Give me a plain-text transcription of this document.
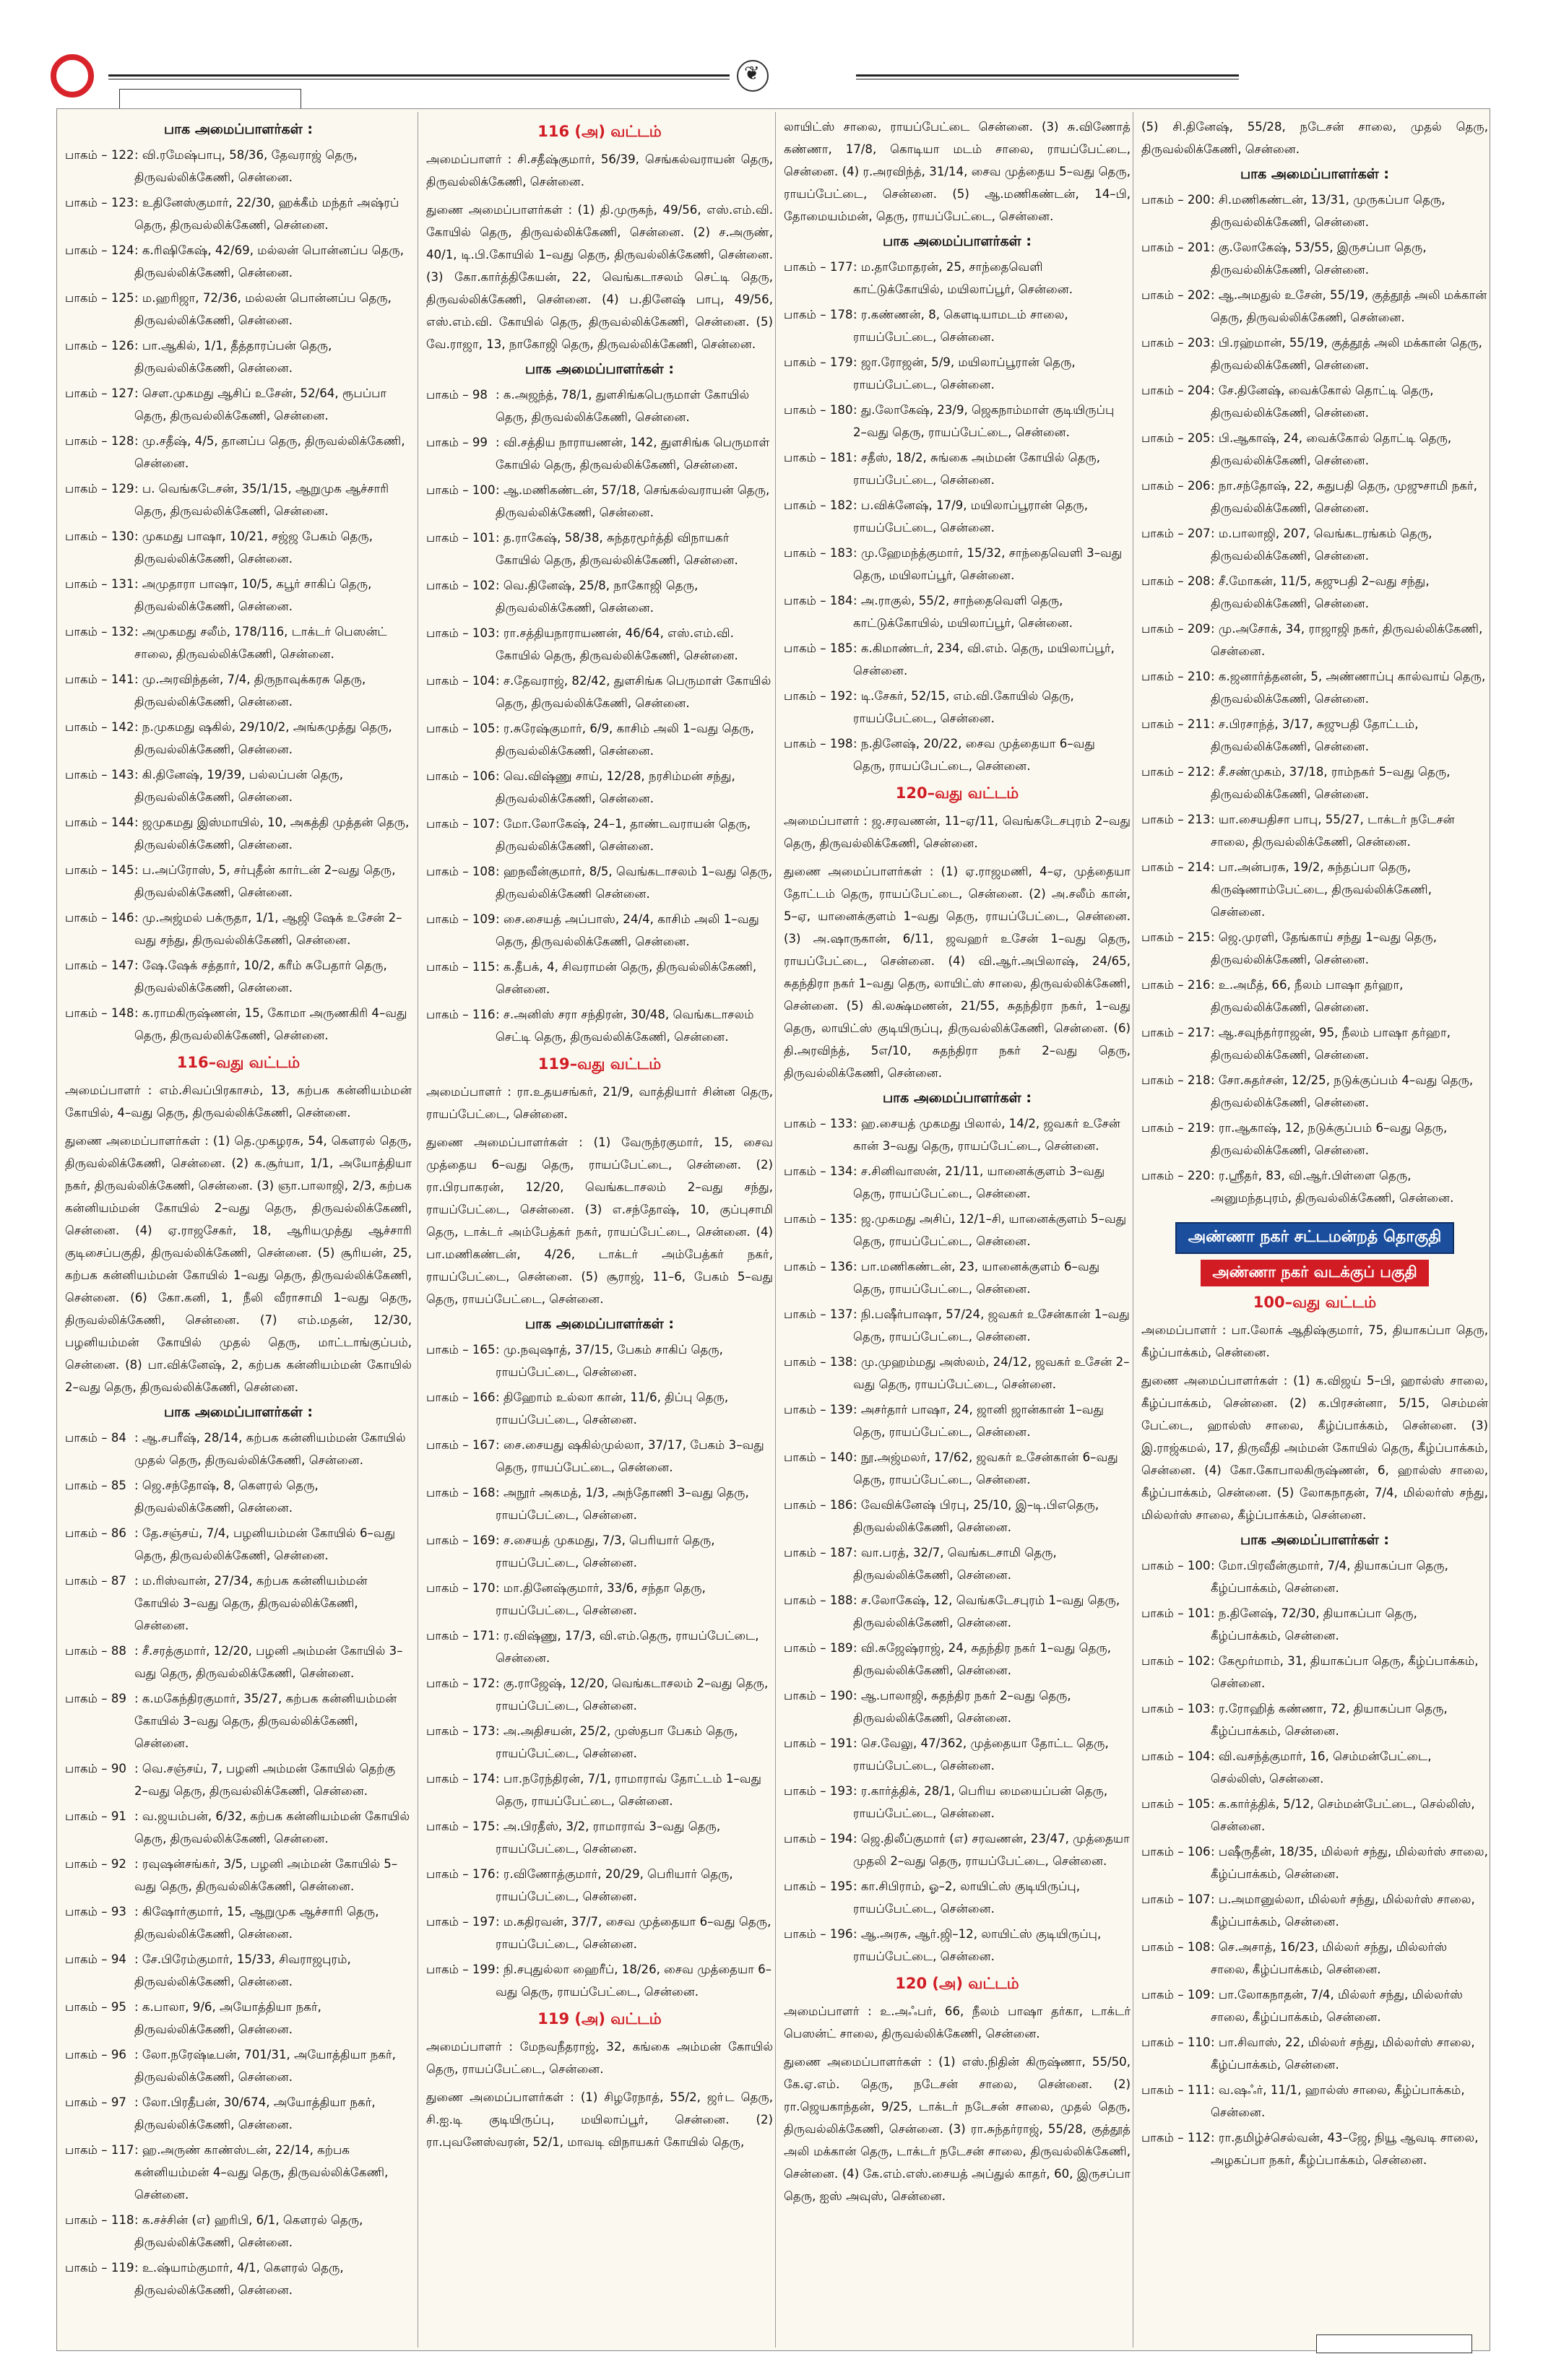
❦
பாக அமைப்பாளர்கள் :
பாகம் – 122 : வி.ரமேஷ்பாபு, 58/36, தேவராஜ் தெரு, திருவல்லிக்கேணி, சென்னை.
பாகம் – 123 : உதினேஸ்குமார், 22/30, ஹக்கீம் மந்தர் அஷ்ரப் தெரு, திருவல்லிக்கேணி, சென்னை.
பாகம் – 124 : க.ரிஷிகேஷ், 42/69, மல்லன் பொன்னப்ப தெரு, திருவல்லிக்கேணி, சென்னை.
பாகம் – 125 : ம.ஹரிஜா, 72/36, மல்லன் பொன்னப்ப தெரு, திருவல்லிக்கேணி, சென்னை.
பாகம் – 126 : பா.ஆகில், 1/1, தீத்தாரப்பன் தெரு, திருவல்லிக்கேணி, சென்னை.
பாகம் – 127 : செள.முகமது ஆசிப் உசேன், 52/64, ரூபப்பா தெரு, திருவல்லிக்கேணி, சென்னை.
பாகம் – 128 : மு.சதீஷ், 4/5, தானப்ப தெரு, திருவல்லிக்கேணி, சென்னை.
பாகம் – 129 : ப. வெங்கடேசன், 35/1/15, ஆறுமுக ஆச்சாரி தெரு, திருவல்லிக்கேணி, சென்னை.
பாகம் – 130 : முகமது பாஷா, 10/21, சஜ்ஜ பேகம் தெரு, திருவல்லிக்கேணி, சென்னை.
பாகம் – 131 : அமுதாரா பாஷா, 10/5, கபூர் சாகிப் தெரு, திருவல்லிக்கேணி, சென்னை.
பாகம் – 132 : அமுகமது சலீம், 178/116, டாக்டர் பெஸன்ட் சாலை, திருவல்லிக்கேணி, சென்னை.
பாகம் – 141 : மு.அரவிந்தன், 7/4, திருநாவுக்கரசு தெரு, திருவல்லிக்கேணி, சென்னை.
பாகம் – 142 : ந.முகமது ஷகில், 29/10/2, அங்கமுத்து தெரு, திருவல்லிக்கேணி, சென்னை.
பாகம் – 143 : கி.தினேஷ், 19/39, பல்லப்பன் தெரு, திருவல்லிக்கேணி, சென்னை.
பாகம் – 144 : ஜமுகமது இஸ்மாயில், 10, அகத்தி முத்தன் தெரு, திருவல்லிக்கேணி, சென்னை.
பாகம் – 145 : ப.அப்ரோஸ், 5, சர்புதீன் கார்டன் 2–வது தெரு, திருவல்லிக்கேணி, சென்னை.
பாகம் – 146 : மு.அஜ்மல் பக்ருதா, 1/1, ஆஜி ஷேக் உசேன் 2–வது சந்து, திருவல்லிக்கேணி, சென்னை.
பாகம் – 147 : ஷே.ஷேக் சத்தார், 10/2, கரீம் சுபேதார் தெரு, திருவல்லிக்கேணி, சென்னை.
பாகம் – 148 : க.ராமகிருஷ்ணன், 15, கோமா அருணகிரி 4–வது தெரு, திருவல்லிக்கேணி, சென்னை.
116–வது வட்டம்
அமைப்பாளர் : எம்.சிவப்பிரகாசம், 13, கற்பக கன்னியம்மன் கோயில், 4–வது தெரு, திருவல்லிக்கேணி, சென்னை.
துணை அமைப்பாளர்கள் : (1) தெ.முகழரசு, 54, கௌரல் தெரு, திருவல்லிக்கேணி, சென்னை. (2) க.சூர்யா, 1/1, அயோத்தியா நகர், திருவல்லிக்கேணி, சென்னை. (3) ஞா.பாலாஜி, 2/3, கற்பக கன்னியம்மன் கோயில் 2–வது தெரு, திருவல்லிக்கேணி, சென்னை. (4) ஏ.ராஜசேகர், 18, ஆரியமுத்து ஆச்சாரி குடிசைப்பகுதி, திருவல்லிக்கேணி, சென்னை. (5) சூரியன், 25, கற்பக கன்னியம்மன் கோயில் 1–வது தெரு, திருவல்லிக்கேணி, சென்னை. (6) கோ.கனி, 1, நீலி வீராசாமி 1–வது தெரு, திருவல்லிக்கேணி, சென்னை. (7) எம்.மதன், 12/30, பழனியம்மன் கோயில் முதல் தெரு, மாட்டாங்குப்பம், சென்னை. (8) பா.விக்னேஷ், 2, கற்பக கன்னியம்மன் கோயில் 2–வது தெரு, திருவல்லிக்கேணி, சென்னை.
பாக அமைப்பாளர்கள் :
பாகம் – 84 : ஆ.சபரீஷ், 28/14, கற்பக கன்னியம்மன் கோயில் முதல் தெரு, திருவல்லிக்கேணி, சென்னை.
பாகம் – 85 : ஜெ.சந்தோஷ், 8, கௌரல் தெரு, திருவல்லிக்கேணி, சென்னை.
பாகம் – 86 : தே.சஞ்சய், 7/4, பழனியம்மன் கோயில் 6–வது தெரு, திருவல்லிக்கேணி, சென்னை.
பாகம் – 87 : ம.ரிஸ்வான், 27/34, கற்பக கன்னியம்மன் கோயில் 3–வது தெரு, திருவல்லிக்கேணி, சென்னை.
பாகம் – 88 : சீ.சரத்குமார், 12/20, பழனி அம்மன் கோயில் 3–வது தெரு, திருவல்லிக்கேணி, சென்னை.
பாகம் – 89 : க.மகேந்திரகுமார், 35/27, கற்பக கன்னியம்மன் கோயில் 3–வது தெரு, திருவல்லிக்கேணி, சென்னை.
பாகம் – 90 : வெ.சஞ்சய், 7, பழனி அம்மன் கோயில் தெற்கு 2–வது தெரு, திருவல்லிக்கேணி, சென்னை.
பாகம் – 91 : வ.ஜயம்பன், 6/32, கற்பக கன்னியம்மன் கோயில் தெரு, திருவல்லிக்கேணி, சென்னை.
பாகம் – 92 : ரவுஷன்சங்கர், 3/5, பழனி அம்மன் கோயில் 5–வது தெரு, திருவல்லிக்கேணி, சென்னை.
பாகம் – 93 : கிஷோர்குமார், 15, ஆறுமுக ஆச்சாரி தெரு, திருவல்லிக்கேணி, சென்னை.
பாகம் – 94 : சே.பிரேம்குமார், 15/33, சிவராஜபுரம், திருவல்லிக்கேணி, சென்னை.
பாகம் – 95 : க.பாலா, 9/6, அயோத்தியா நகர், திருவல்லிக்கேணி, சென்னை.
பாகம் – 96 : லோ.நரேஷ்டீபன், 701/31, அயோத்தியா நகர், திருவல்லிக்கேணி, சென்னை.
பாகம் – 97 : லோ.பிரதீபன், 30/674, அயோத்தியா நகர், திருவல்லிக்கேணி, சென்னை.
பாகம் – 117 : ஹ.அருண் காண்ஸ்டன், 22/14, கற்பக கன்னியம்மன் 4–வது தெரு, திருவல்லிக்கேணி, சென்னை.
பாகம் – 118 : க.சச்சின் (எ) ஹரிபி, 6/1, கௌரல் தெரு, திருவல்லிக்கேணி, சென்னை.
பாகம் – 119 : உ.ஷ்யாம்குமார், 4/1, கௌரல் தெரு, திருவல்லிக்கேணி, சென்னை.
116 (அ) வட்டம்
அமைப்பாளர் : சி.சதீஷ்குமார், 56/39, செங்கல்வராயன் தெரு, திருவல்லிக்கேணி, சென்னை.
துணை அமைப்பாளர்கள் : (1) தி.முருகந், 49/56, எஸ்.எம்.வி. கோயில் தெரு, திருவல்லிக்கேணி, சென்னை. (2) ச.அருண், 40/1, டி.பி.கோயில் 1–வது தெரு, திருவல்லிக்கேணி, சென்னை. (3) கோ.கார்த்திகேயன், 22, வெங்கடாசலம் செட்டி தெரு, திருவல்லிக்கேணி, சென்னை. (4) ப.தினேஷ் பாபு, 49/56, எஸ்.எம்.வி. கோயில் தெரு, திருவல்லிக்கேணி, சென்னை. (5) வே.ராஜா, 13, நாகோஜி தெரு, திருவல்லிக்கேணி, சென்னை.
பாக அமைப்பாளர்கள் :
பாகம் – 98 : க.அஜந்த், 78/1, துளசிங்கபெருமாள் கோயில் தெரு, திருவல்லிக்கேணி, சென்னை.
பாகம் – 99 : வி.சத்திய நாராயணன், 142, துளசிங்க பெருமாள் கோயில் தெரு, திருவல்லிக்கேணி, சென்னை.
பாகம் – 100 : ஆ.மணிகண்டன், 57/18, செங்கல்வராயன் தெரு, திருவல்லிக்கேணி, சென்னை.
பாகம் – 101 : த.ராகேஷ், 58/38, சுந்தரமூர்த்தி விநாயகர் கோயில் தெரு, திருவல்லிக்கேணி, சென்னை.
பாகம் – 102 : வெ.தினேஷ், 25/8, நாகோஜி தெரு, திருவல்லிக்கேணி, சென்னை.
பாகம் – 103 : ரா.சத்தியநாராயணன், 46/64, எஸ்.எம்.வி. கோயில் தெரு, திருவல்லிக்கேணி, சென்னை.
பாகம் – 104 : ச.தேவராஜ், 82/42, துளசிங்க பெருமாள் கோயில் தெரு, திருவல்லிக்கேணி, சென்னை.
பாகம் – 105 : ர.சுரேஷ்குமார், 6/9, காசிம் அலி 1–வது தெரு, திருவல்லிக்கேணி, சென்னை.
பாகம் – 106 : வெ.விஷ்ணு சாய், 12/28, நரசிம்மன் சந்து, திருவல்லிக்கேணி, சென்னை.
பாகம் – 107 : மோ.லோகேஷ், 24–1, தாண்டவராயன் தெரு, திருவல்லிக்கேணி, சென்னை.
பாகம் – 108 : ஹநவீன்குமார், 8/5, வெங்கடாசலம் 1–வது தெரு, திருவல்லிக்கேணி சென்னை.
பாகம் – 109 : சை.சையத் அப்பாஸ், 24/4, காசிம் அலி 1–வது தெரு, திருவல்லிக்கேணி, சென்னை.
பாகம் – 115 : க.தீபக், 4, சிவராமன் தெரு, திருவல்லிக்கேணி, சென்னை.
பாகம் – 116 : ச.அனிஸ் சரா சந்திரன், 30/48, வெங்கடாசலம் செட்டி தெரு, திருவல்லிக்கேணி, சென்னை.
119–வது வட்டம்
அமைப்பாளர் : ரா.உதயசங்கர், 21/9, வாத்தியார் சின்ன தெரு, ராயப்பேட்டை, சென்னை.
துணை அமைப்பாளர்கள் : (1) வேருந்ரகுமார், 15, சைவ முத்தைய 6–வது தெரு, ராயப்பேட்டை, சென்னை. (2) ரா.பிரபாகரன், 12/20, வெங்கடாசலம் 2–வது சந்து, ராயப்பேட்டை, சென்னை. (3) எ.சந்தோஷ், 10, குப்புசாமி தெரு, டாக்டர் அம்பேத்கர் நகர், ராயப்பேட்டை, சென்னை. (4) பா.மணிகண்டன், 4/26, டாக்டர் அம்பேத்கர் நகர், ராயப்பேட்டை, சென்னை. (5) சூராஜ், 11–6, பேகம் 5–வது தெரு, ராயப்பேட்டை, சென்னை.
பாக அமைப்பாளர்கள் :
பாகம் – 165 : மு.நவுஷாத், 37/15, பேகம் சாகிப் தெரு, ராயப்பேட்டை, சென்னை.
பாகம் – 166 : திஹோம் உல்லா கான், 11/6, திப்பு தெரு, ராயப்பேட்டை, சென்னை.
பாகம் – 167 : சை.சையது ஷகில்முல்லா, 37/17, பேகம் 3–வது தெரு, ராயப்பேட்டை, சென்னை.
பாகம் – 168 : அநூர் அகமத், 1/3, அந்தோணி 3–வது தெரு, ராயப்பேட்டை, சென்னை.
பாகம் – 169 : ச.சையத் முகமது, 7/3, பெரியார் தெரு, ராயப்பேட்டை, சென்னை.
பாகம் – 170 : மா.தினேஷ்குமார், 33/6, சந்தா தெரு, ராயப்பேட்டை, சென்னை.
பாகம் – 171 : ர.விஷ்ணு, 17/3, வி.எம்.தெரு, ராயப்பேட்டை, சென்னை.
பாகம் – 172 : கு.ராஜேஷ், 12/20, வெங்கடாசலம் 2–வது தெரு, ராயப்பேட்டை, சென்னை.
பாகம் – 173 : அ.அதிசயன், 25/2, முஸ்தபா பேகம் தெரு, ராயப்பேட்டை, சென்னை.
பாகம் – 174 : பா.நரேந்திரன், 7/1, ராமாராவ் தோட்டம் 1–வது தெரு, ராயப்பேட்டை, சென்னை.
பாகம் – 175 : அ.பிரதீஸ், 3/2, ராமாராவ் 3–வது தெரு, ராயப்பேட்டை, சென்னை.
பாகம் – 176 : ர.விணோத்குமார், 20/29, பெரியார் தெரு, ராயப்பேட்டை, சென்னை.
பாகம் – 197 : ம.கதிரவன், 37/7, சைவ முத்தையா 6–வது தெரு, ராயப்பேட்டை, சென்னை.
பாகம் – 199 : நி.சபுதுல்லா ஹைரீப், 18/26, சைவ முத்தையா 6–வது தெரு, ராயப்பேட்டை, சென்னை.
119 (அ) வட்டம்
அமைப்பாளர் : மேநவநீதராஜ், 32, கங்கை அம்மன் கோயில் தெரு, ராயப்பேட்டை, சென்னை.
துணை அமைப்பாளர்கள் : (1) சிழரேநாத், 55/2, ஜா்ட தெரு, சி.ஐ.டி குடியிருப்பு, மயிலாப்பூர், சென்னை. (2) ரா.புவனேஸ்வரன், 52/1, மாவடி விநாயகர் கோயில் தெரு,
லாயிட்ஸ் சாலை, ராயப்பேட்டை சென்னை. (3) சு.விணோத் கண்ணா, 17/8, கொடியா மடம் சாலை, ராயப்பேட்டை, சென்னை. (4) ர.அரவிந்த், 31/14, சைவ முத்தைய 5–வது தெரு, ராயப்பேட்டை, சென்னை. (5) ஆ.மணிகண்டன், 14–பி, தோமையம்மன், தெரு, ராயப்பேட்டை, சென்னை.
பாக அமைப்பாளர்கள் :
பாகம் – 177 : ம.தாமோதரன், 25, சாந்தைவெளி காட்டுக்கோயில், மயிலாப்பூர், சென்னை.
பாகம் – 178 : ர.கண்ணன், 8, கௌடியாமடம் சாலை, ராயப்பேட்டை, சென்னை.
பாகம் – 179 : ஜா.ரோஜன், 5/9, மயிலாப்பூரான் தெரு, ராயப்பேட்டை, சென்னை.
பாகம் – 180 : து.லோகேஷ், 23/9, ஜெகநாம்மாள் குடியிருப்பு 2–வது தெரு, ராயப்பேட்டை, சென்னை.
பாகம் – 181 : சதீஸ், 18/2, சுங்கை அம்மன் கோயில் தெரு, ராயப்பேட்டை, சென்னை.
பாகம் – 182 : ப.விக்னேஷ், 17/9, மயிலாப்பூரான் தெரு, ராயப்பேட்டை, சென்னை.
பாகம் – 183 : மு.ஹேமந்த்குமார், 15/32, சாந்தைவெளி 3–வது தெரு, மயிலாப்பூர், சென்னை.
பாகம் – 184 : அ.ராகுல், 55/2, சாந்தைவெளி தெரு, காட்டுக்கோயில், மயிலாப்பூர், சென்னை.
பாகம் – 185 : க.கிமாண்டர், 234, வி.எம். தெரு, மயிலாப்பூர், சென்னை.
பாகம் – 192 : டி.சேகர், 52/15, எம்.வி.கோயில் தெரு, ராயப்பேட்டை, சென்னை.
பாகம் – 198 : ந.தினேஷ், 20/22, சைவ முத்தையா 6–வது தெரு, ராயப்பேட்டை, சென்னை.
120–வது வட்டம்
அமைப்பாளர் : ஜ.சரவணன், 11–ஏ/11, வெங்கடேசபுரம் 2–வது தெரு, திருவல்லிக்கேணி, சென்னை.
துணை அமைப்பாளர்கள் : (1) ஏ.ராஜமணி, 4–ஏ, முத்தையா தோட்டம் தெரு, ராயப்பேட்டை, சென்னை. (2) அ.சலீம் கான், 5–ஏ, யானைக்குளம் 1–வது தெரு, ராயப்பேட்டை, சென்னை. (3) அ.ஷாருகான், 6/11, ஜவஹர் உசேன் 1–வது தெரு, ராயப்பேட்டை, சென்னை. (4) வி.ஆர்.அபிலாஷ், 24/65, சுதந்திரா நகர் 1–வது தெரு, லாயிட்ஸ் சாலை, திருவல்லிக்கேணி, சென்னை. (5) கி.லக்ஷ்மணன், 21/55, சுதந்திரா நகர், 1–வது தெரு, லாயிட்ஸ் குடியிருப்பு, திருவல்லிக்கேணி, சென்னை. (6) தி.அரவிந்த், 5எ/10, சுதந்திரா நகர் 2–வது தெரு, திருவல்லிக்கேணி, சென்னை.
பாக அமைப்பாளர்கள் :
பாகம் – 133 : ஹ.சையத் முகமது பிலால், 14/2, ஜவகர் உசேன் கான் 3–வது தெரு, ராயப்பேட்டை, சென்னை.
பாகம் – 134 : ச.சினிவாஸன், 21/11, யானைக்குளம் 3–வது தெரு, ராயப்பேட்டை, சென்னை.
பாகம் – 135 : ஜ.முகமது அசிப், 12/1–சி, யானைக்குளம் 5–வது தெரு, ராயப்பேட்டை, சென்னை.
பாகம் – 136 : பா.மணிகண்டன், 23, யானைக்குளம் 6–வது தெரு, ராயப்பேட்டை, சென்னை.
பாகம் – 137 : நி.பஷீர்பாஷா, 57/24, ஜவகர் உசேன்கான் 1–வது தெரு, ராயப்பேட்டை, சென்னை.
பாகம் – 138 : மு.முஹம்மது அஸ்லம், 24/12, ஜவகர் உசேன் 2–வது தெரு, ராயப்பேட்டை, சென்னை.
பாகம் – 139 : அசர்தார் பாஷா, 24, ஜானி ஜான்கான் 1–வது தெரு, ராயப்பேட்டை, சென்னை.
பாகம் – 140 : நூ.அஜ்மலர், 17/62, ஜவகர் உசேன்கான் 6–வது தெரு, ராயப்பேட்டை, சென்னை.
பாகம் – 186 : வேவிக்னேஷ் பிரபு, 25/10, இ–டி.பிஎதெரு, திருவல்லிக்கேணி, சென்னை.
பாகம் – 187 : வா.பரத், 32/7, வெங்கடசாமி தெரு, திருவல்லிக்கேணி, சென்னை.
பாகம் – 188 : ச.லோகேஷ், 12, வெங்கடேசபுரம் 1–வது தெரு, திருவல்லிக்கேணி, சென்னை.
பாகம் – 189 : வி.சுஜேஷ்ராஜ், 24, சுதந்திர நகர் 1–வது தெரு, திருவல்லிக்கேணி, சென்னை.
பாகம் – 190 : ஆ.பாலாஜி, சுதந்திர நகர் 2–வது தெரு, திருவல்லிக்கேணி, சென்னை.
பாகம் – 191 : செ.வேலு, 47/362, முத்தையா தோட்ட தெரு, ராயப்பேட்டை, சென்னை.
பாகம் – 193 : ர.கார்த்திக், 28/1, பெரிய மையைப்பன் தெரு, ராயப்பேட்டை, சென்னை.
பாகம் – 194 : ஜெ.திலீப்குமார் (எ) சரவணன், 23/47, முத்தையா முதலி 2–வது தெரு, ராயப்பேட்டை, சென்னை.
பாகம் – 195 : கா.சிபிராம், ஓ–2, லாயிட்ஸ் குடியிருப்பு, ராயப்பேட்டை, சென்னை.
பாகம் – 196 : ஆ.அரசு, ஆர்.ஜி–12, லாயிட்ஸ் குடியிருப்பு, ராயப்பேட்டை, சென்னை.
120 (அ) வட்டம்
அமைப்பாளர் : உ.அஃபர், 66, நீலம் பாஷா தர்கா, டாக்டர் பெஸன்ட் சாலை, திருவல்லிக்கேணி, சென்னை.
துணை அமைப்பாளர்கள் : (1) எஸ்.நிதின் கிருஷ்ணா, 55/50, கே.ஏ.எம். தெரு, நடேசன் சாலை, சென்னை. (2) ரா.ஜெயகாந்தன், 9/25, டாக்டர் நடேசன் சாலை, முதல் தெரு, திருவல்லிக்கேணி, சென்னை. (3) ரா.சுந்தர்ராஜ், 55/28, குத்தூத் அலி மக்கான் தெரு, டாக்டர் நடேசன் சாலை, திருவல்லிக்கேணி, சென்னை. (4) கே.எம்.எஸ்.சையத் அப்துல் காதர், 60, இருசப்பா தெரு, ஐஸ் அவுஸ், சென்னை.
(5) சி.தினேஷ், 55/28, நடேசன் சாலை, முதல் தெரு, திருவல்லிக்கேணி, சென்னை.
பாக அமைப்பாளர்கள் :
பாகம் – 200 : சி.மணிகண்டன், 13/31, முருகப்பா தெரு, திருவல்லிக்கேணி, சென்னை.
பாகம் – 201 : கு.லோகேஷ், 53/55, இருசப்பா தெரு, திருவல்லிக்கேணி, சென்னை.
பாகம் – 202 : ஆ.அமதுல் உசேன், 55/19, குத்தூத் அலி மக்கான் தெரு, திருவல்லிக்கேணி, சென்னை.
பாகம் – 203 : பி.ரஹ்மான், 55/19, குத்தூத் அலி மக்கான் தெரு, திருவல்லிக்கேணி, சென்னை.
பாகம் – 204 : சே.தினேஷ், வைக்கோல் தொட்டி தெரு, திருவல்லிக்கேணி, சென்னை.
பாகம் – 205 : பி.ஆகாஷ், 24, வைக்கோல் தொட்டி தெரு, திருவல்லிக்கேணி, சென்னை.
பாகம் – 206 : நா.சந்தோஷ், 22, சுதுபதி தெரு, முஜுசாமி நகர், திருவல்லிக்கேணி, சென்னை.
பாகம் – 207 : ம.பாலாஜி, 207, வெங்கடரங்கம் தெரு, திருவல்லிக்கேணி, சென்னை.
பாகம் – 208 : சீ.மோகன், 11/5, சுஜுபதி 2–வது சந்து, திருவல்லிக்கேணி, சென்னை.
பாகம் – 209 : மு.அசோக், 34, ராஜாஜி நகர், திருவல்லிக்கேணி, சென்னை.
பாகம் – 210 : க.ஜனார்த்தனன், 5, அண்ணாப்பு கால்வாய் தெரு, திருவல்லிக்கேணி, சென்னை.
பாகம் – 211 : ச.பிரசாந்த், 3/17, சுஜுபதி தோட்டம், திருவல்லிக்கேணி, சென்னை.
பாகம் – 212 : சீ.சண்முகம், 37/18, ராம்நகர் 5–வது தெரு, திருவல்லிக்கேணி, சென்னை.
பாகம் – 213 : யா.சையதிசா பாபு, 55/27, டாக்டர் நடேசன் சாலை, திருவல்லிக்கேணி, சென்னை.
பாகம் – 214 : பா.அன்பரசு, 19/2, சுந்தப்பா தெரு, கிருஷ்ணாம்பேட்டை, திருவல்லிக்கேணி, சென்னை.
பாகம் – 215 : ஜெ.முரளி, தேங்காய் சந்து 1–வது தெரு, திருவல்லிக்கேணி, சென்னை.
பாகம் – 216 : உ.அமீத், 66, நீலம் பாஷா தர்ஹா, திருவல்லிக்கேணி, சென்னை.
பாகம் – 217 : ஆ.சவுந்தர்ராஜன், 95, நீலம் பாஷா தர்ஹா, திருவல்லிக்கேணி, சென்னை.
பாகம் – 218 : சோ.சுதர்சன், 12/25, நடுக்குப்பம் 4–வது தெரு, திருவல்லிக்கேணி, சென்னை.
பாகம் – 219 : ரா.ஆகாஷ், 12, நடுக்குப்பம் 6–வது தெரு, திருவல்லிக்கேணி, சென்னை.
பாகம் – 220 : ர.ஸ்ரீதர், 83, வி.ஆர்.பிள்ளை தெரு, அனுமந்தபுரம், திருவல்லிக்கேணி, சென்னை.
அண்ணா நகர் சட்டமன்றத் தொகுதி
அண்ணா நகர் வடக்குப் பகுதி
100–வது வட்டம்
அமைப்பாளர் : பா.லோக் ஆதிஷ்குமார், 75, தியாகப்பா தெரு, கீழ்ப்பாக்கம், சென்னை.
துணை அமைப்பாளர்கள் : (1) க.விஜய் 5–பி, ஹால்ஸ் சாலை, கீழ்ப்பாக்கம், சென்னை. (2) க.பிரசன்னா, 5/15, செம்மன் பேட்டை, ஹால்ஸ் சாலை, கீழ்ப்பாக்கம், சென்னை. (3) இ.ராஜ்கமல், 17, திருவீதி அம்மன் கோயில் தெரு, கீழ்ப்பாக்கம், சென்னை. (4) கோ.கோபாலகிருஷ்ணன், 6, ஹால்ஸ் சாலை, கீழ்ப்பாக்கம், சென்னை. (5) லோகநாதன், 7/4, மில்லர்ஸ் சந்து, மில்லர்ஸ் சாலை, கீழ்ப்பாக்கம், சென்னை.
பாக அமைப்பாளர்கள் :
பாகம் – 100 : மோ.பிரவீன்குமார், 7/4, தியாகப்பா தெரு, கீழ்ப்பாக்கம், சென்னை.
பாகம் – 101 : ந.தினேஷ், 72/30, தியாகப்பா தெரு, கீழ்ப்பாக்கம், சென்னை.
பாகம் – 102 : கேமூர்மாம், 31, தியாகப்பா தெரு, கீழ்ப்பாக்கம், சென்னை.
பாகம் – 103 : ர.ரோஹித் கண்ணா, 72, தியாகப்பா தெரு, கீழ்ப்பாக்கம், சென்னை.
பாகம் – 104 : வி.வசந்த்குமார், 16, செம்மன்பேட்டை, செல்லிஸ், சென்னை.
பாகம் – 105 : க.கார்த்திக், 5/12, செம்மன்பேட்டை, செல்லிஸ், சென்னை.
பாகம் – 106 : பஷீருதீன், 18/35, மில்லர் சந்து, மில்லர்ஸ் சாலை, கீழ்ப்பாக்கம், சென்னை.
பாகம் – 107 : ப.அமானுல்லா, மில்லர் சந்து, மில்லர்ஸ் சாலை, கீழ்ப்பாக்கம், சென்னை.
பாகம் – 108 : செ.அசாத், 16/23, மில்லர் சந்து, மில்லர்ஸ் சாலை, கீழ்ப்பாக்கம், சென்னை.
பாகம் – 109 : பா.லோகநாதன், 7/4, மில்லர் சந்து, மில்லர்ஸ் சாலை, கீழ்ப்பாக்கம், சென்னை.
பாகம் – 110 : பா.சிவாஸ், 22, மில்லர் சந்து, மில்லர்ஸ் சாலை, கீழ்ப்பாக்கம், சென்னை.
பாகம் – 111 : வ.ஷஃர், 11/1, ஹால்ஸ் சாலை, கீழ்ப்பாக்கம், சென்னை.
பாகம் – 112 : ரா.தமிழ்ச்செல்வன், 43–ஜே, நியூ ஆவடி சாலை, அழகப்பா நகர், கீழ்ப்பாக்கம், சென்னை.
